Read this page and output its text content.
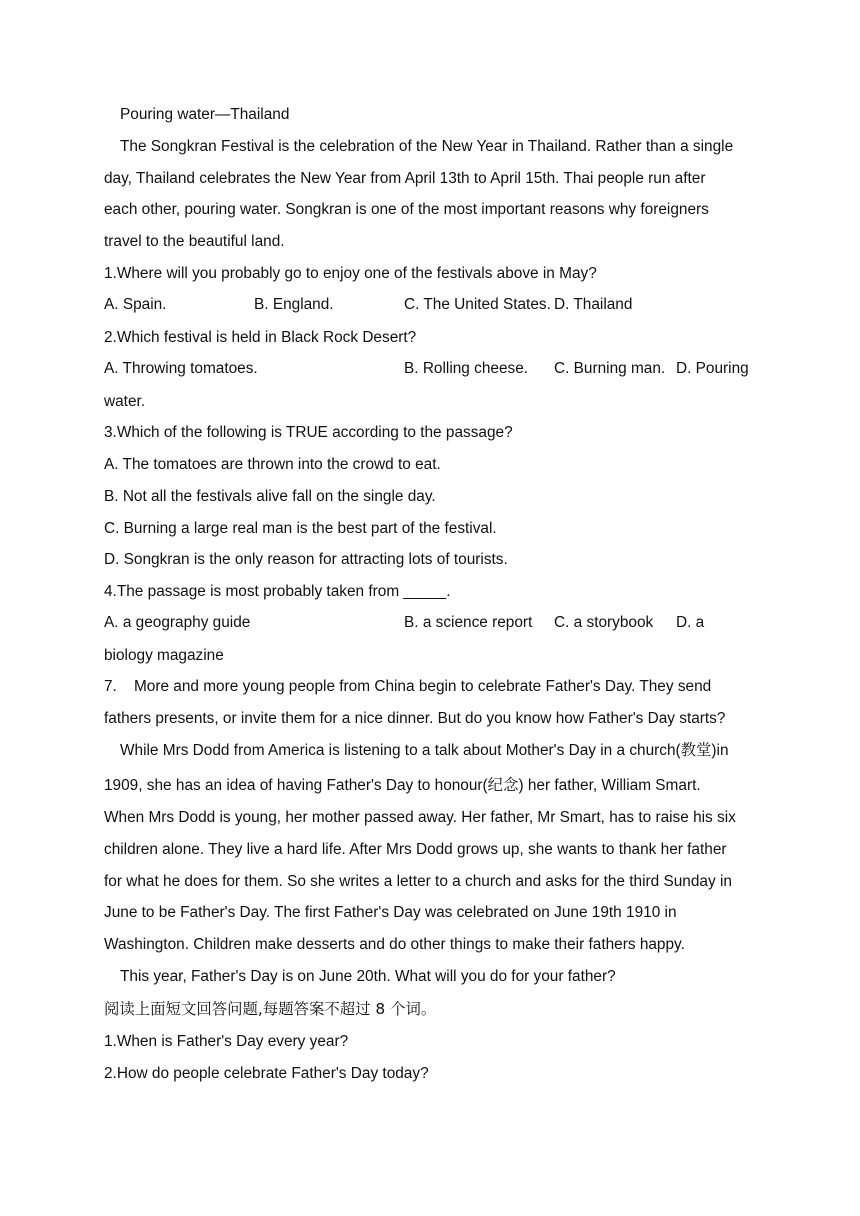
Pouring water—Thailand
The Songkran Festival is the celebration of the New Year in Thailand. Rather than a single
day, Thailand celebrates the New Year from April 13th to April 15th. Thai people run after
each other, pouring water. Songkran is one of the most important reasons why foreigners
travel to the beautiful land.
1.Where will you probably go to enjoy one of the festivals above in May?
A. Spain.	B. England.	C. The United States. D. Thailand
2.Which festival is held in Black Rock Desert?
A. Throwing tomatoes.	B. Rolling cheese. C. Burning man. D. Pouring
water.
3.Which of the following is TRUE according to the passage?
A. The tomatoes are thrown into the crowd to eat.
B. Not all the festivals alive fall on the single day.
C. Burning a large real man is the best part of the festival.
D. Songkran is the only reason for attracting lots of tourists.
4.The passage is most probably taken from _____.
A. a geography guide	B. a science report C. a storybook D. a
biology magazine
7.    More and more young people from China begin to celebrate Father's Day. They send
fathers presents, or invite them for a nice dinner. But do you know how Father's Day starts?
While Mrs Dodd from America is listening to a talk about Mother's Day in a church(教堂)in
1909, she has an idea of having Father's Day to honour(纪念) her father, William Smart.
When Mrs Dodd is young, her mother passed away. Her father, Mr Smart, has to raise his six
children alone. They live a hard life. After Mrs Dodd grows up, she wants to thank her father
for what he does for them. So she writes a letter to a church and asks for the third Sunday in
June to be Father's Day. The first Father's Day was celebrated on June 19th 1910 in
Washington. Children make desserts and do other things to make their fathers happy.
This year, Father's Day is on June 20th. What will you do for your father?
阅读上面短文回答问题,每题答案不超过 8 个词。
1.When is Father's Day every year?
2.How do people celebrate Father's Day today?
